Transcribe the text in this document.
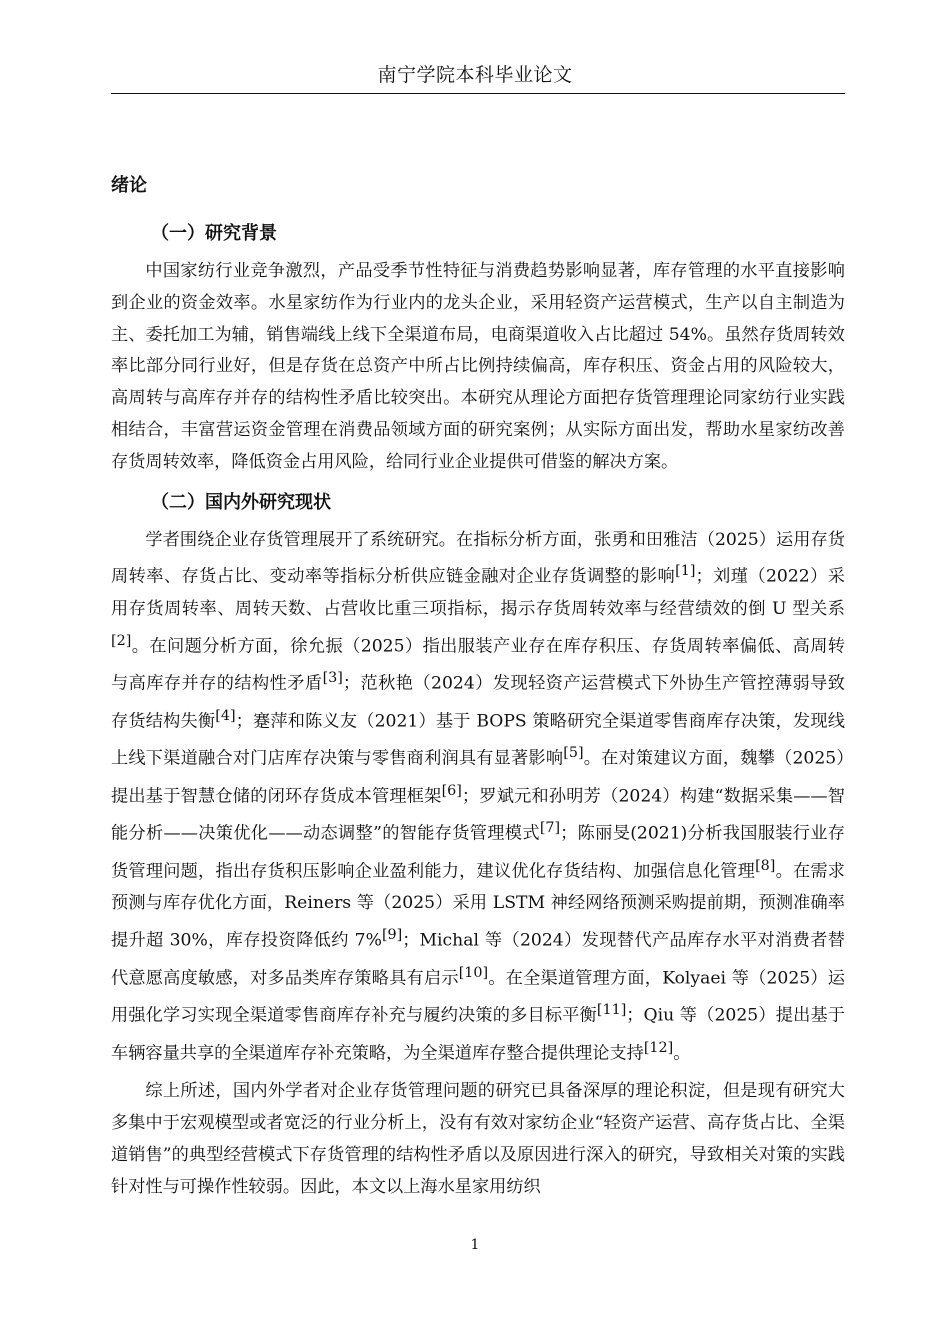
南宁学院本科毕业论文
绪论
（一）研究背景

中国家纺行业竞争激烈，产品受季节性特征与消费趋势影响显著，库存管理的水平直接影响到企业的资金效率。水星家纺作为行业内的龙头企业，采用轻资产运营模式，生产以自主制造为主、委托加工为辅，销售端线上线下全渠道布局，电商渠道收入占比超过 54%。虽然存货周转效率比部分同行业好，但是存货在总资产中所占比例持续偏高，库存积压、资金占用的风险较大，高周转与高库存并存的结构性矛盾比较突出。本研究从理论方面把存货管理理论同家纺行业实践相结合，丰富营运资金管理在消费品领域方面的研究案例；从实际方面出发，帮助水星家纺改善存货周转效率，降低资金占用风险，给同行业企业提供可借鉴的解决方案。

（二）国内外研究现状

学者围绕企业存货管理展开了系统研究。在指标分析方面，张勇和田雅洁（2025）运用存货周转率、存货占比、变动率等指标分析供应链金融对企业存货调整的影响[1]；刘瑾（2022）采用存货周转率、周转天数、占营收比重三项指标，揭示存货周转效率与经营绩效的倒 U 型关系[2]。在问题分析方面，徐允振（2025）指出服装产业存在库存积压、存货周转率偏低、高周转与高库存并存的结构性矛盾[3]；范秋艳（2024）发现轻资产运营模式下外协生产管控薄弱导致存货结构失衡[4]；蹇萍和陈义友（2021）基于 BOPS 策略研究全渠道零售商库存决策，发现线上线下渠道融合对门店库存决策与零售商利润具有显著影响[5]。在对策建议方面，魏攀（2025）提出基于智慧仓储的闭环存货成本管理框架[6]；罗斌元和孙明芳（2024）构建“数据采集——智能分析——决策优化——动态调整”的智能存货管理模式[7]；陈丽旻(2021)分析我国服装行业存货管理问题，指出存货积压影响企业盈利能力，建议优化存货结构、加强信息化管理[8]。在需求预测与库存优化方面，Reiners 等（2025）采用 LSTM 神经网络预测采购提前期，预测准确率提升超 30%，库存投资降低约 7%[9]；Michal 等（2024）发现替代产品库存水平对消费者替代意愿高度敏感，对多品类库存策略具有启示[10]。在全渠道管理方面，Kolyaei 等（2025）运用强化学习实现全渠道零售商库存补充与履约决策的多目标平衡[11]；Qiu 等（2025）提出基于车辆容量共享的全渠道库存补充策略，为全渠道库存整合提供理论支持[12]。

综上所述，国内外学者对企业存货管理问题的研究已具备深厚的理论积淀，但是现有研究大多集中于宏观模型或者宽泛的行业分析上，没有有效对家纺企业“轻资产运营、高存货占比、全渠道销售”的典型经营模式下存货管理的结构性矛盾以及原因进行深入的研究，导致相关对策的实践针对性与可操作性较弱。因此，本文以上海水星家用纺织

1
